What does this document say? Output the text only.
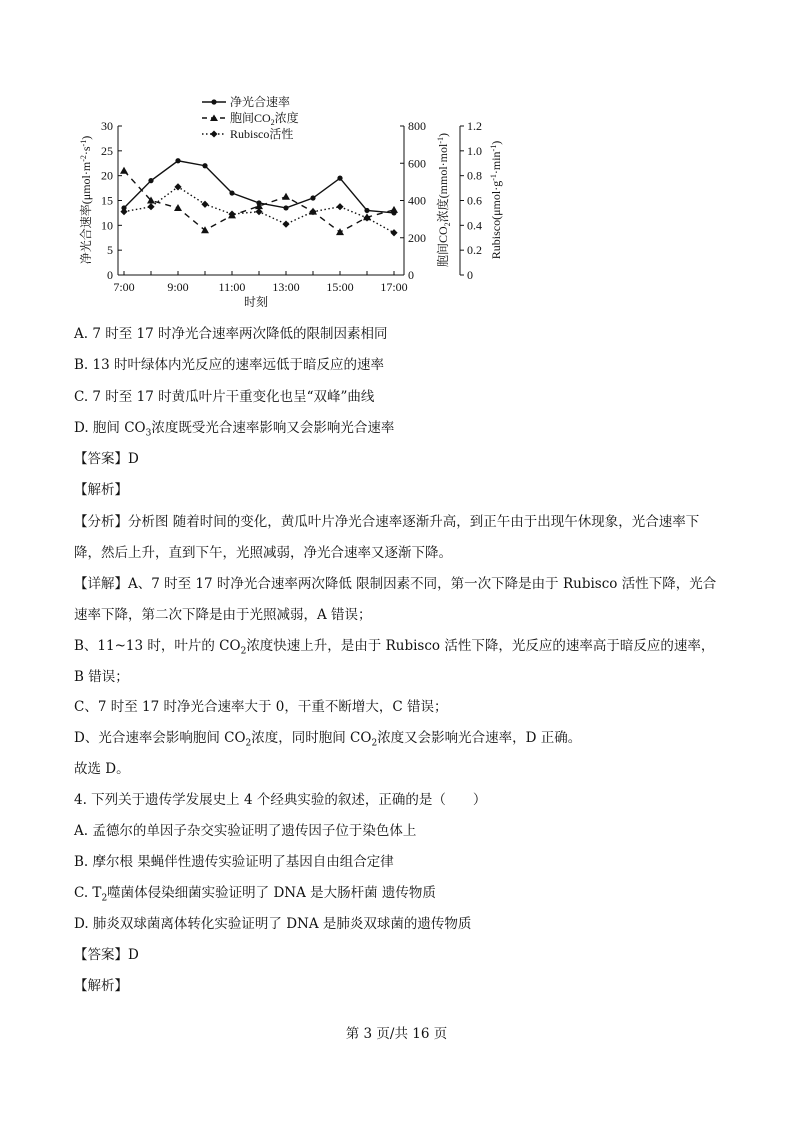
0
5
10
15
20
25
30
0
200
400
600
800
0
0.2
0.4
0.6
0.8
1.0
1.2
7:00	9:00 11:00 13:00 15:00 17:00
净光合速率$(\mu mol\cdot m^{-2}\cdot s^{-1})$
胞间$CO_2$浓度(mmol·mol$^{-1}$)
$Rubisco(\mu mol\cdot g^{-1}\cdot\min^{-1})$
时刻
净光合速率
胞间$CO_2$浓度
Rubisco活性
A. 7 时至 17 时净光合速率两次降低的限制因素相同
B. 13 时叶绿体内光反应的速率远低于暗反应的速率
C. 7 时至 17 时黄瓜叶片干重变化也呈“双峰”曲线
D. 胞间 $CO_3$浓度既受光合速率影响又会影响光合速率
【答案】D
【解析】
【分析】分析图 随着时间的变化，黄瓜叶片净光合速率逐渐升高，到正午由于出现午休现象，光合速率下降，然后上升，直到下午，光照减弱，净光合速率又逐渐下降。
【详解】A、7 时至 17 时净光合速率两次降低 限制因素不同，第一次下降是由于 Rubisco 活性下降，光合速率下降，第二次下降是由于光照减弱，A 错误；
B、11~13 时，叶片的 $CO_2$浓度快速上升，是由于 Rubisco 活性下降，光反应的速率高于暗反应的速率，B 错误；
C、7 时至 17 时净光合速率大于 0，干重不断增大，C 错误；
D、光合速率会影响胞间 $CO_2$浓度，同时胞间 $CO_2$浓度又会影响光合速率，D 正确。
故选 D。
4. 下列关于遗传学发展史上 4 个经典实验的叙述，正确的是（　　）
A. 孟德尔的单因子杂交实验证明了遗传因子位于染色体上
B. 摩尔根 果蝇伴性遗传实验证明了基因自由组合定律
C. $T_2$噬菌体侵染细菌实验证明了 DNA 是大肠杆菌 遗传物质
D. 肺炎双球菌离体转化实验证明了 DNA 是肺炎双球菌的遗传物质
【答案】D
【解析】
第 3 页/共 16 页
